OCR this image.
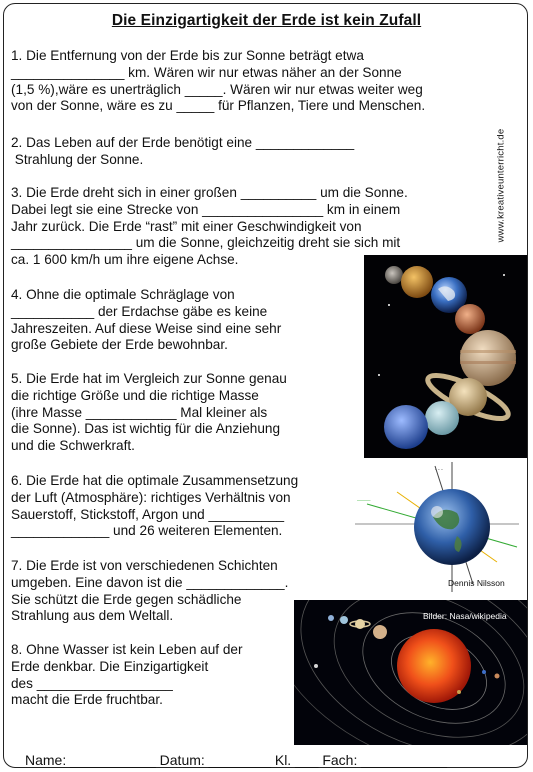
Die Einzigartigkeit der Erde ist kein Zufall
www.kreativeunterricht.de
1. Die Entfernung von der Erde bis zur Sonne beträgt etwa
_______________ km. Wären wir nur etwas näher an der Sonne
(1,5 %),wäre es unerträglich _____. Wären wir nur etwas weiter weg
von der Sonne, wäre es zu _____ für Pflanzen, Tiere und Menschen.
2. Das Leben auf der Erde benötigt eine _____________
Strahlung der Sonne.
3. Die Erde dreht sich in einer großen __________ um die Sonne.
Dabei legt sie eine Strecke von ________________ km in einem
Jahr zurück. Die Erde “rast” mit einer Geschwindigkeit von
________________ um die Sonne, gleichzeitig dreht sie sich mit
ca. 1 600 km/h um ihre eigene Achse.
4. Ohne die optimale Schräglage von
___________ der Erdachse gäbe es keine
Jahreszeiten. Auf diese Weise sind eine sehr
große Gebiete der Erde bewohnbar.
5. Die Erde hat im Vergleich zur Sonne genau
die richtige Größe und die richtige Masse
(ihre Masse ____________ Mal kleiner als
die Sonne). Das ist wichtig für die Anziehung
und die Schwerkraft.
6. Die Erde hat die optimale Zusammensetzung
der Luft (Atmosphäre): richtiges Verhältnis von
Sauerstoff, Stickstoff, Argon und __________
_____________ und 26 weiteren Elementen.
7. Die Erde ist von verschiedenen Schichten
umgeben. Eine davon ist die _____________.
Sie schützt die Erde gegen schädliche
Strahlung aus dem Weltall.
8. Ohne Wasser ist kein Leben auf der
Erde denkbar. Die Einzigartigkeit
des __________________
macht die Erde fruchtbar.
- - -
———
Dennis Nilsson
Bilder: Nasa/wikipedia
Name: ___________ Datum: ________ Kl. ___ Fach: ___________
